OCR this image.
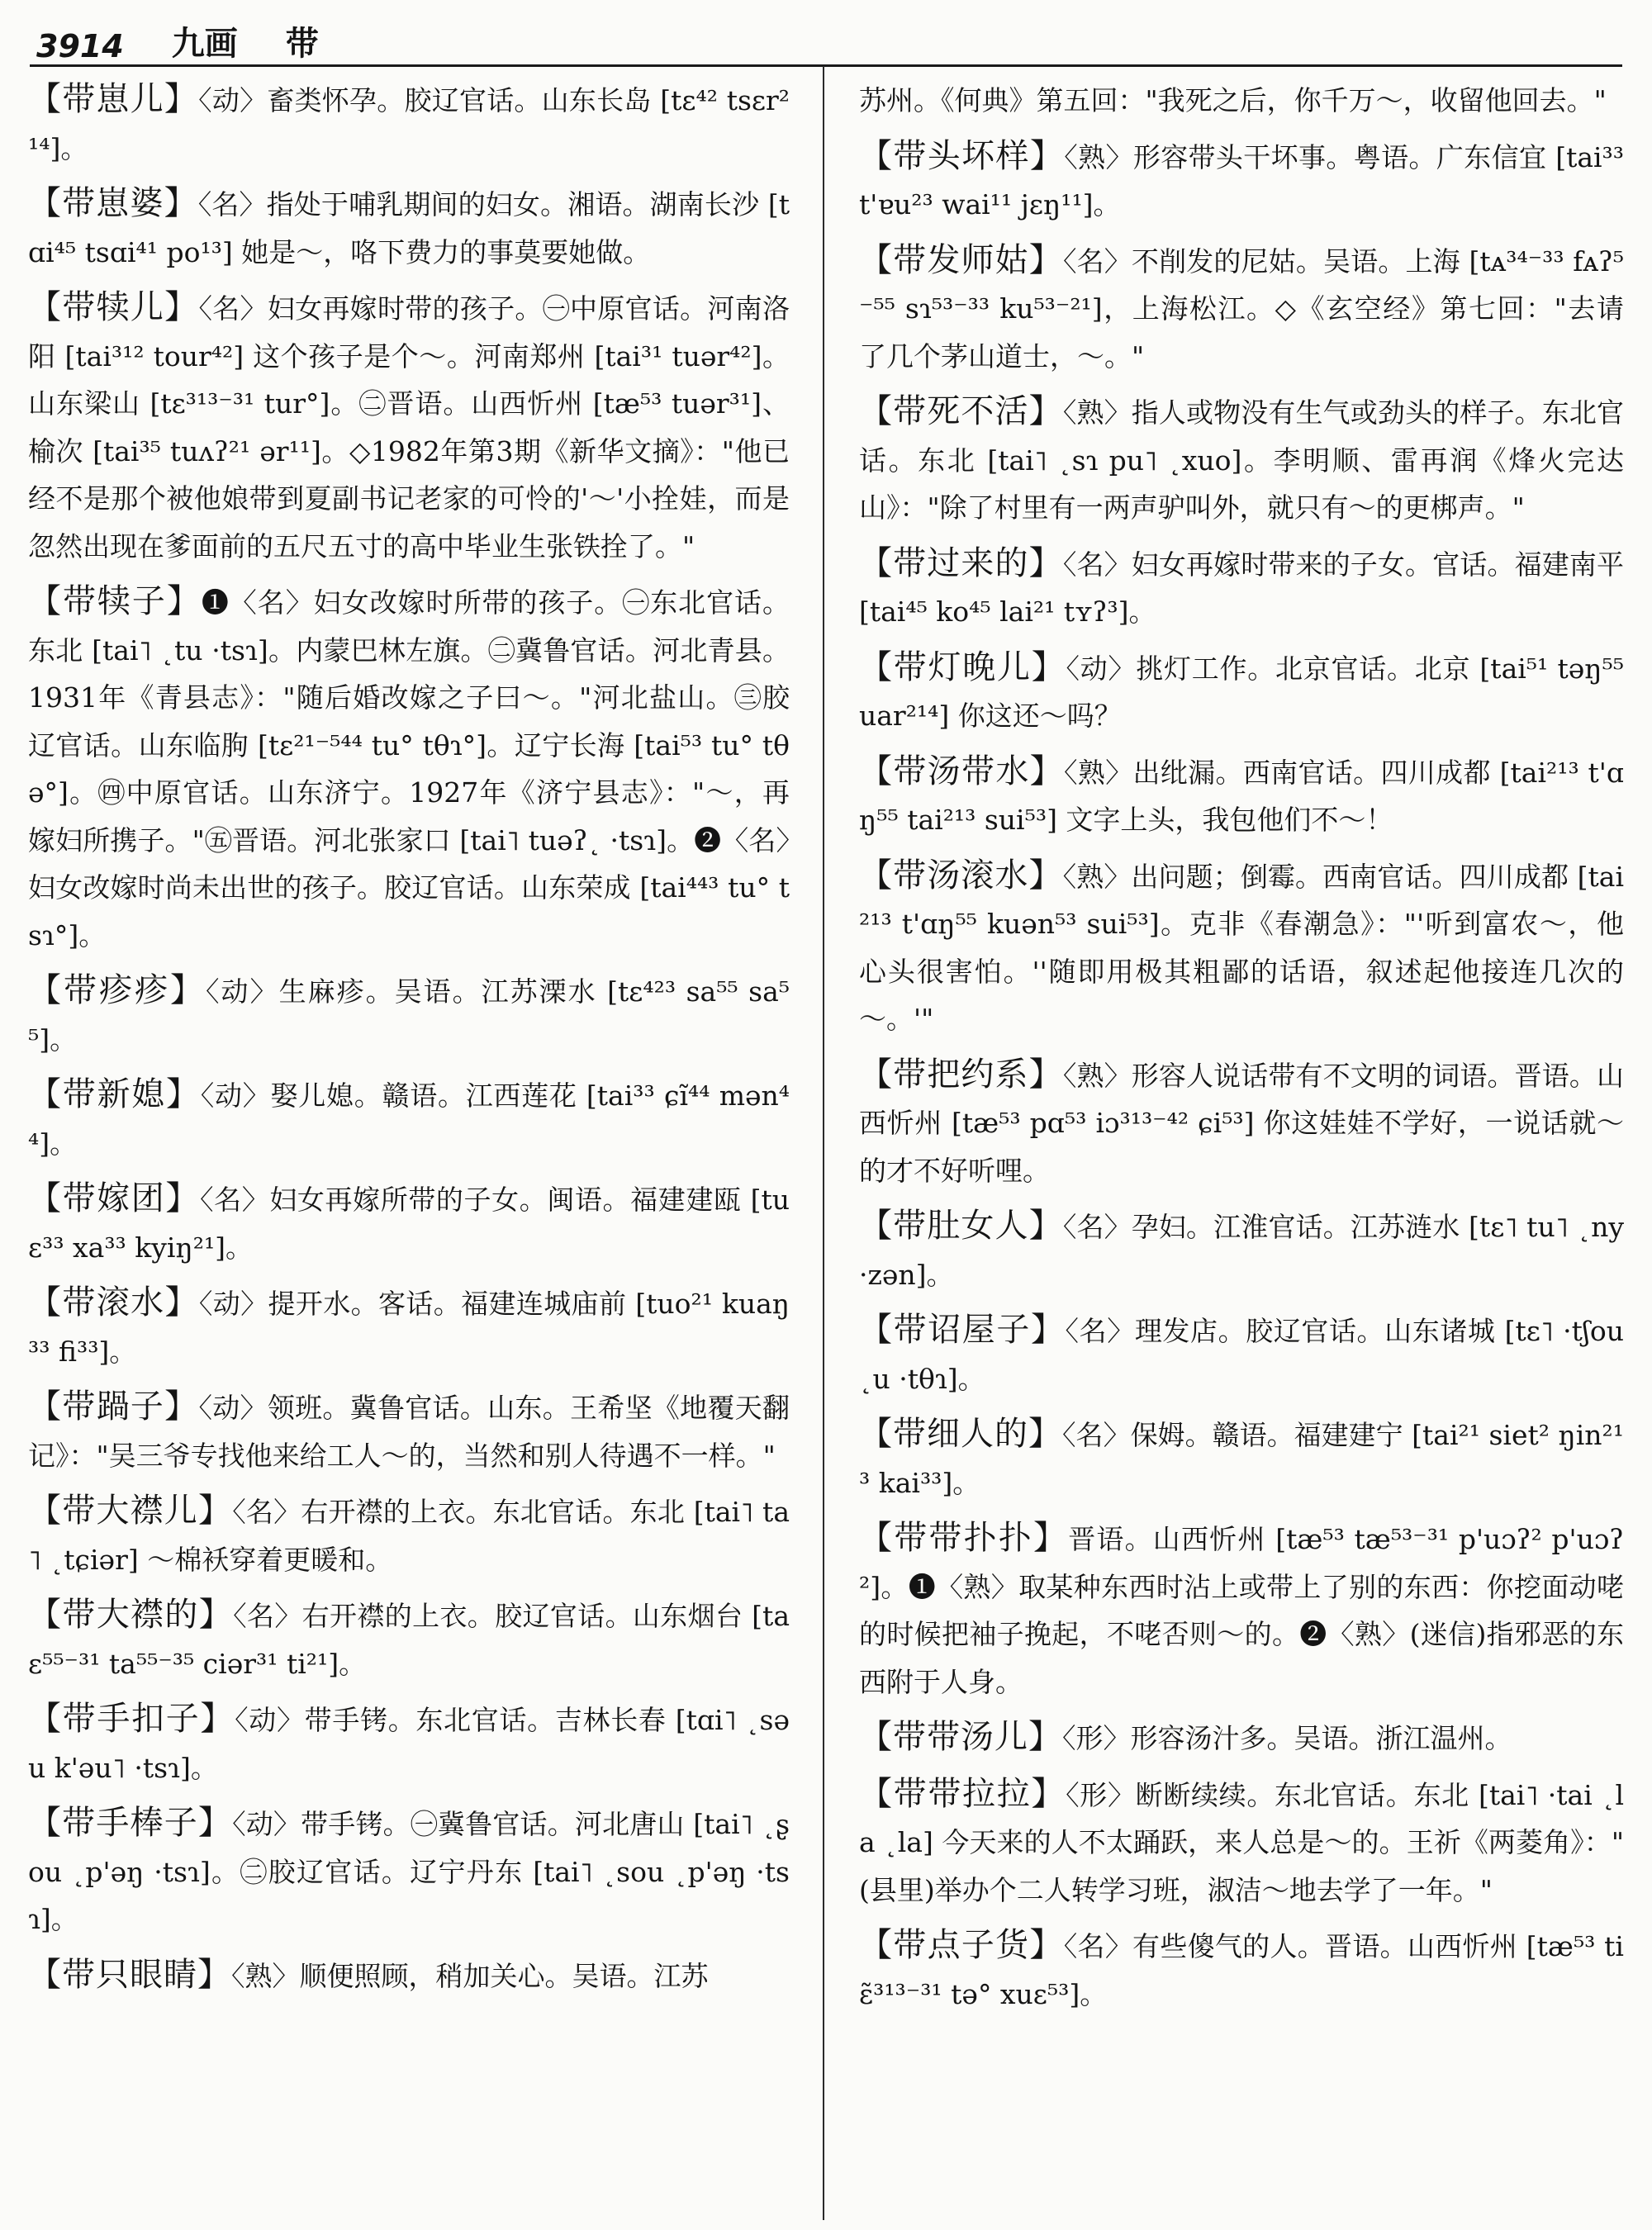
3914 九画 带

【带崽儿】〈动〉畜类怀孕。胶辽官话。山东长岛 [tɛ⁴² tsɛr²¹⁴]。

【带崽婆】〈名〉指处于哺乳期间的妇女。湘语。湖南长沙 [tɑi⁴⁵ tsɑi⁴¹ po¹³] 她是～，咯下费力的事莫要她做。

【带犊儿】〈名〉妇女再嫁时带的孩子。㊀中原官话。河南洛阳 [tai³¹² tour⁴²] 这个孩子是个～。河南郑州 [tai³¹ tuər⁴²]。山东梁山 [tɛ³¹³⁻³¹ tur°]。㊁晋语。山西忻州 [tæ⁵³ tuər³¹]、榆次 [tai³⁵ tuʌʔ²¹ ər¹¹]。◇1982年第3期《新华文摘》："他已经不是那个被他娘带到夏副书记老家的可怜的'～'小拴娃，而是忽然出现在爹面前的五尺五寸的高中毕业生张铁拴了。"

【带犊子】❶〈名〉妇女改嫁时所带的孩子。㊀东北官话。东北 [tai˥ ˛tu ·tsɿ]。内蒙巴林左旗。㊁冀鲁官话。河北青县。1931年《青县志》："随后婚改嫁之子曰～。"河北盐山。㊂胶辽官话。山东临朐 [tɛ²¹⁻⁵⁴⁴ tu° tθɿ°]。辽宁长海 [tai⁵³ tu° tθə°]。㊃中原官话。山东济宁。1927年《济宁县志》："～，再嫁妇所携子。"㊄晋语。河北张家口 [tai˥ tuəʔ˛ ·tsɿ]。❷〈名〉妇女改嫁时尚未出世的孩子。胶辽官话。山东荣成 [tai⁴⁴³ tu° tsɿ°]。

【带疹疹】〈动〉生麻疹。吴语。江苏溧水 [tɛ⁴²³ sa⁵⁵ sa⁵⁵]。

【带新媳】〈动〉娶儿媳。赣语。江西莲花 [tai³³ ɕĩ⁴⁴ mən⁴⁴]。

【带嫁团】〈名〉妇女再嫁所带的子女。闽语。福建建瓯 [tuɛ³³ xa³³ kyiŋ²¹]。

【带滚水】〈动〉提开水。客话。福建连城庙前 [tuo²¹ kuaŋ³³ fi³³]。

【带踻子】〈动〉领班。冀鲁官话。山东。王希坚《地覆天翻记》："吴三爷专找他来给工人～的，当然和别人待遇不一样。"

【带大襟儿】〈名〉右开襟的上衣。东北官话。东北 [tai˥ ta˥ ˛tɕiər] ～棉袄穿着更暖和。

【带大襟的】〈名〉右开襟的上衣。胶辽官话。山东烟台 [taɛ⁵⁵⁻³¹ ta⁵⁵⁻³⁵ ciər³¹ ti²¹]。

【带手扣子】〈动〉带手铐。东北官话。吉林长春 [tɑi˥ ˛səu k'əu˥ ·tsɿ]。

【带手棒子】〈动〉带手铐。㊀冀鲁官话。河北唐山 [tai˥ ˛ʂou ˛p'əŋ ·tsɿ]。㊁胶辽官话。辽宁丹东 [tai˥ ˛sou ˛p'əŋ ·tsɿ]。

【带只眼睛】〈熟〉顺便照顾，稍加关心。吴语。江苏

苏州。《何典》第五回："我死之后，你千万～，收留他回去。"

【带头坏样】〈熟〉形容带头干坏事。粤语。广东信宜 [tai³³ t'ɐu²³ wai¹¹ jɛŋ¹¹]。

【带发师姑】〈名〉不削发的尼姑。吴语。上海 [tᴀ³⁴⁻³³ fᴀʔ⁵⁻⁵⁵ sɿ⁵³⁻³³ ku⁵³⁻²¹]，上海松江。◇《玄空经》第七回："去请了几个茅山道士，～。"

【带死不活】〈熟〉指人或物没有生气或劲头的样子。东北官话。东北 [tai˥ ˛sɿ pu˥ ˛xuo]。李明顺、雷再润《烽火完达山》："除了村里有一两声驴叫外，就只有～的更梆声。"

【带过来的】〈名〉妇女再嫁时带来的子女。官话。福建南平 [tai⁴⁵ ko⁴⁵ lai²¹ tʏʔ³]。

【带灯晚儿】〈动〉挑灯工作。北京官话。北京 [tai⁵¹ təŋ⁵⁵ uar²¹⁴] 你这还～吗？

【带汤带水】〈熟〉出纰漏。西南官话。四川成都 [tai²¹³ t'ɑŋ⁵⁵ tai²¹³ sui⁵³] 文字上头，我包他们不～！

【带汤滚水】〈熟〉出问题；倒霉。西南官话。四川成都 [tai²¹³ t'ɑŋ⁵⁵ kuən⁵³ sui⁵³]。克非《春潮急》："'听到富农～，他心头很害怕。''随即用极其粗鄙的话语，叙述起他接连几次的～。'"

【带把约系】〈熟〉形容人说话带有不文明的词语。晋语。山西忻州 [tæ⁵³ pɑ⁵³ iɔ³¹³⁻⁴² ɕi⁵³] 你这娃娃不学好，一说话就～的才不好听哩。

【带肚女人】〈名〉孕妇。江淮官话。江苏涟水 [tɛ˥ tu˥ ˛ny ·zən]。

【带诏屋子】〈名〉理发店。胶辽官话。山东诸城 [tɛ˥ ·tʃou ˛u ·tθɿ]。

【带细人的】〈名〉保姆。赣语。福建建宁 [tai²¹ siet² ŋin²¹³ kai³³]。

【带带扑扑】晋语。山西忻州 [tæ⁵³ tæ⁵³⁻³¹ p'uɔʔ² p'uɔʔ²]。❶〈熟〉取某种东西时沾上或带上了别的东西：你挖面动咾的时候把袖子挽起，不咾否则～的。❷〈熟〉(迷信)指邪恶的东西附于人身。

【带带汤儿】〈形〉形容汤汁多。吴语。浙江温州。

【带带拉拉】〈形〉断断续续。东北官话。东北 [tai˥ ·tai ˛la ˛la] 今天来的人不太踊跃，来人总是～的。王祈《两菱角》："(县里)举办个二人转学习班，淑洁～地去学了一年。"

【带点子货】〈名〉有些傻气的人。晋语。山西忻州 [tæ⁵³ tiɛ̃³¹³⁻³¹ tə° xuɛ⁵³]。
